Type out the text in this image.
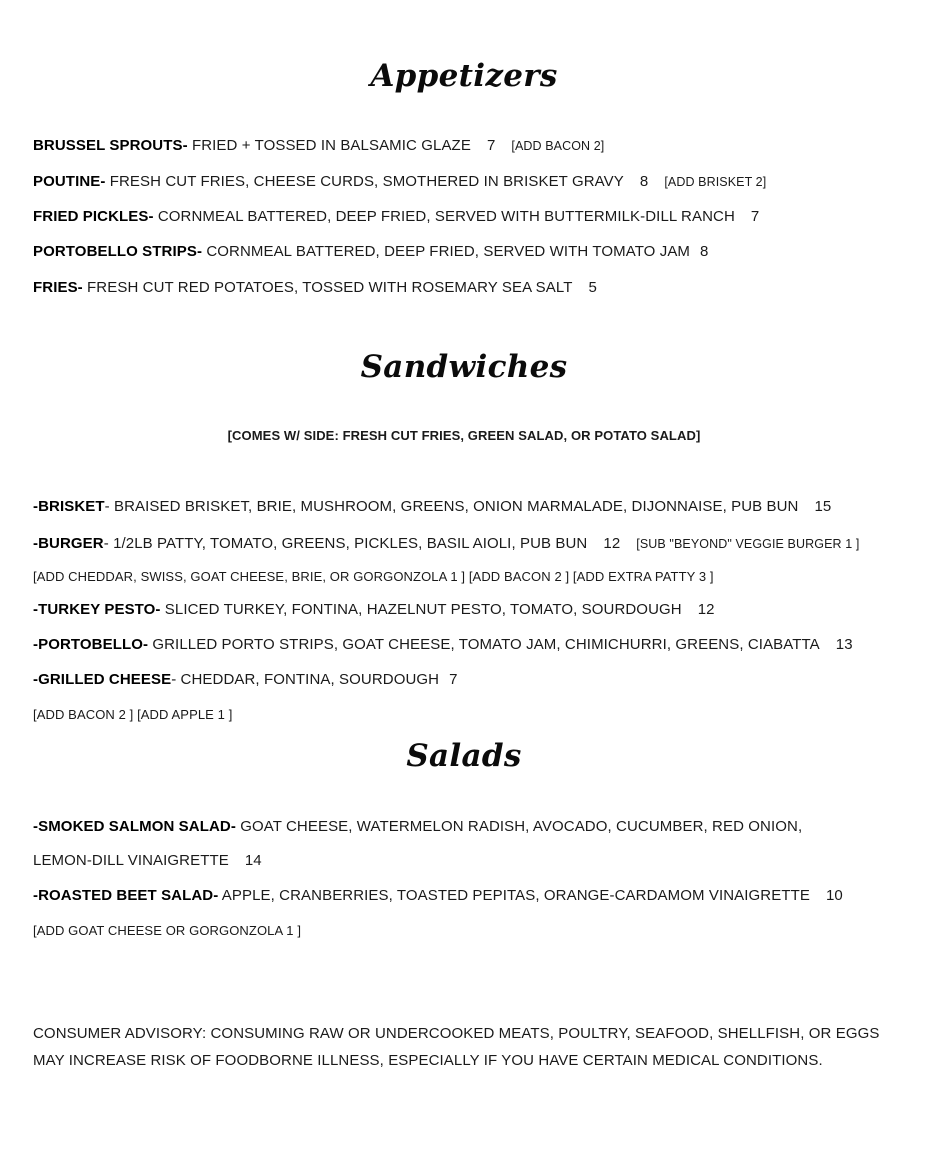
Appetizers
BRUSSEL SPROUTS- FRIED + TOSSED IN BALSAMIC GLAZE 7 [ADD BACON 2]
POUTINE- FRESH CUT FRIES, CHEESE CURDS, SMOTHERED IN BRISKET GRAVY 8 [ADD BRISKET 2]
FRIED PICKLES- CORNMEAL BATTERED, DEEP FRIED, SERVED WITH BUTTERMILK-DILL RANCH 7
PORTOBELLO STRIPS- CORNMEAL BATTERED, DEEP FRIED, SERVED WITH TOMATO JAM 8
FRIES- FRESH CUT RED POTATOES, TOSSED WITH ROSEMARY SEA SALT 5
Sandwiches
[COMES W/ SIDE: FRESH CUT FRIES, GREEN SALAD, OR POTATO SALAD]
-BRISKET- BRAISED BRISKET, BRIE, MUSHROOM, GREENS, ONION MARMALADE, DIJONNAISE, PUB BUN 15
-BURGER- 1/2LB PATTY, TOMATO, GREENS, PICKLES, BASIL AIOLI, PUB BUN 12 [SUB "BEYOND" VEGGIE BURGER 1 ]
[ADD CHEDDAR, SWISS, GOAT CHEESE, BRIE, OR GORGONZOLA 1 ] [ADD BACON 2 ] [ADD EXTRA PATTY 3 ]
-TURKEY PESTO- SLICED TURKEY, FONTINA, HAZELNUT PESTO, TOMATO, SOURDOUGH 12
-PORTOBELLO- GRILLED PORTO STRIPS, GOAT CHEESE, TOMATO JAM, CHIMICHURRI, GREENS, CIABATTA 13
-GRILLED CHEESE- CHEDDAR, FONTINA, SOURDOUGH 7
[ADD BACON 2 ] [ADD APPLE 1 ]
Salads
-SMOKED SALMON SALAD- GOAT CHEESE, WATERMELON RADISH, AVOCADO, CUCUMBER, RED ONION,
LEMON-DILL VINAIGRETTE 14
-ROASTED BEET SALAD- APPLE, CRANBERRIES, TOASTED PEPITAS, ORANGE-CARDAMOM VINAIGRETTE 10
[ADD GOAT CHEESE OR GORGONZOLA 1 ]
CONSUMER ADVISORY: CONSUMING RAW OR UNDERCOOKED MEATS, POULTRY, SEAFOOD, SHELLFISH, OR EGGS
MAY INCREASE RISK OF FOODBORNE ILLNESS, ESPECIALLY IF YOU HAVE CERTAIN MEDICAL CONDITIONS.
